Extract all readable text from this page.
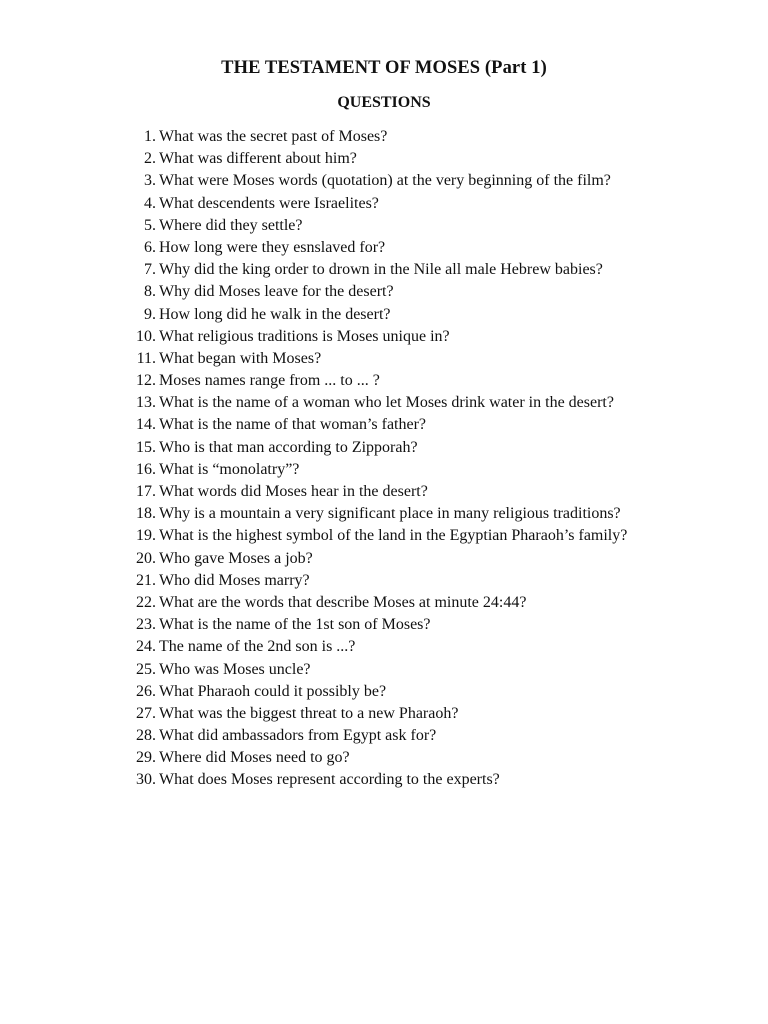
THE TESTAMENT OF MOSES (Part 1)
QUESTIONS
1. What was the secret past of Moses?
2. What was different about him?
3. What were Moses words (quotation) at the very beginning of the film?
4. What descendents were Israelites?
5. Where did they settle?
6. How long were they esnslaved for?
7. Why did the king order to drown in the Nile all male Hebrew babies?
8. Why did Moses leave for the desert?
9. How long did he walk in the desert?
10. What religious traditions is Moses unique in?
11. What began with Moses?
12. Moses names range from ... to ... ?
13. What is the name of a woman who let Moses drink water in the desert?
14. What is the name of that woman’s father?
15. Who is that man according to Zipporah?
16. What is “monolatry”?
17. What words did Moses hear in the desert?
18. Why is a mountain a very significant place in many religious traditions?
19. What is the highest symbol of the land in the Egyptian Pharaoh’s family?
20. Who gave Moses a job?
21. Who did Moses marry?
22. What are the words that describe Moses at minute 24:44?
23. What is the name of the 1st son of Moses?
24. The name of the 2nd son is ...?
25. Who was Moses uncle?
26. What Pharaoh could it possibly be?
27. What was the biggest threat to a new Pharaoh?
28. What did ambassadors from Egypt ask for?
29. Where did Moses need to go?
30. What does Moses represent according to the experts?
